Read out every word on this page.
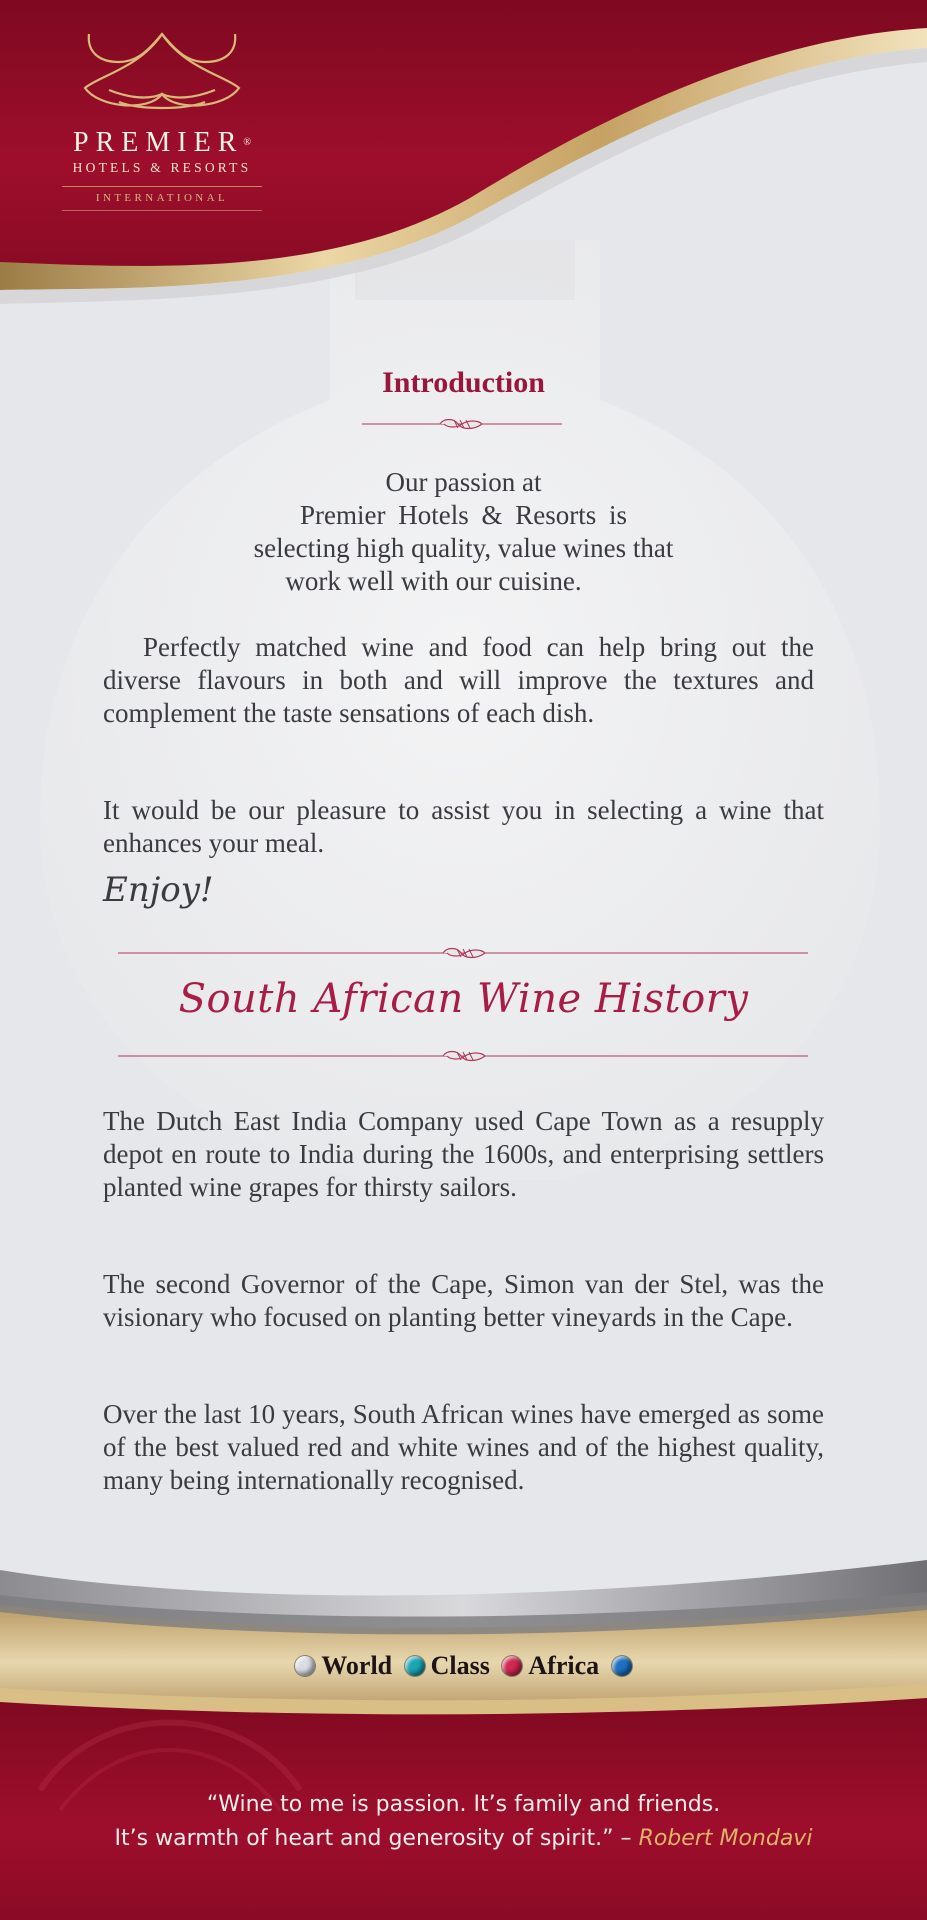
PREMIER®
HOTELS & RESORTS
INTERNATIONAL
Introduction
Our passion at
Premier Hotels & Resorts is
selecting high quality, value wines that
work well with our cuisine.
Perfectly matched wine and food can help bring out the diverse flavours in both and will improve the textures and complement the taste sensations of each dish.
It would be our pleasure to assist you in selecting a wine that enhances your meal.
Enjoy!
South African Wine History
The Dutch East India Company used Cape Town as a resupply depot en route to India during the 1600s, and enterprising settlers planted wine grapes for thirsty sailors.
The second Governor of the Cape, Simon van der Stel, was the visionary who focused on planting better vineyards in the Cape.
Over the last 10 years, South African wines have emerged as some of the best valued red and white wines and of the highest quality, many being internationally recognised.
World Class Africa
“Wine to me is passion. It’s family and friends.
It’s warmth of heart and generosity of spirit.” – Robert Mondavi
